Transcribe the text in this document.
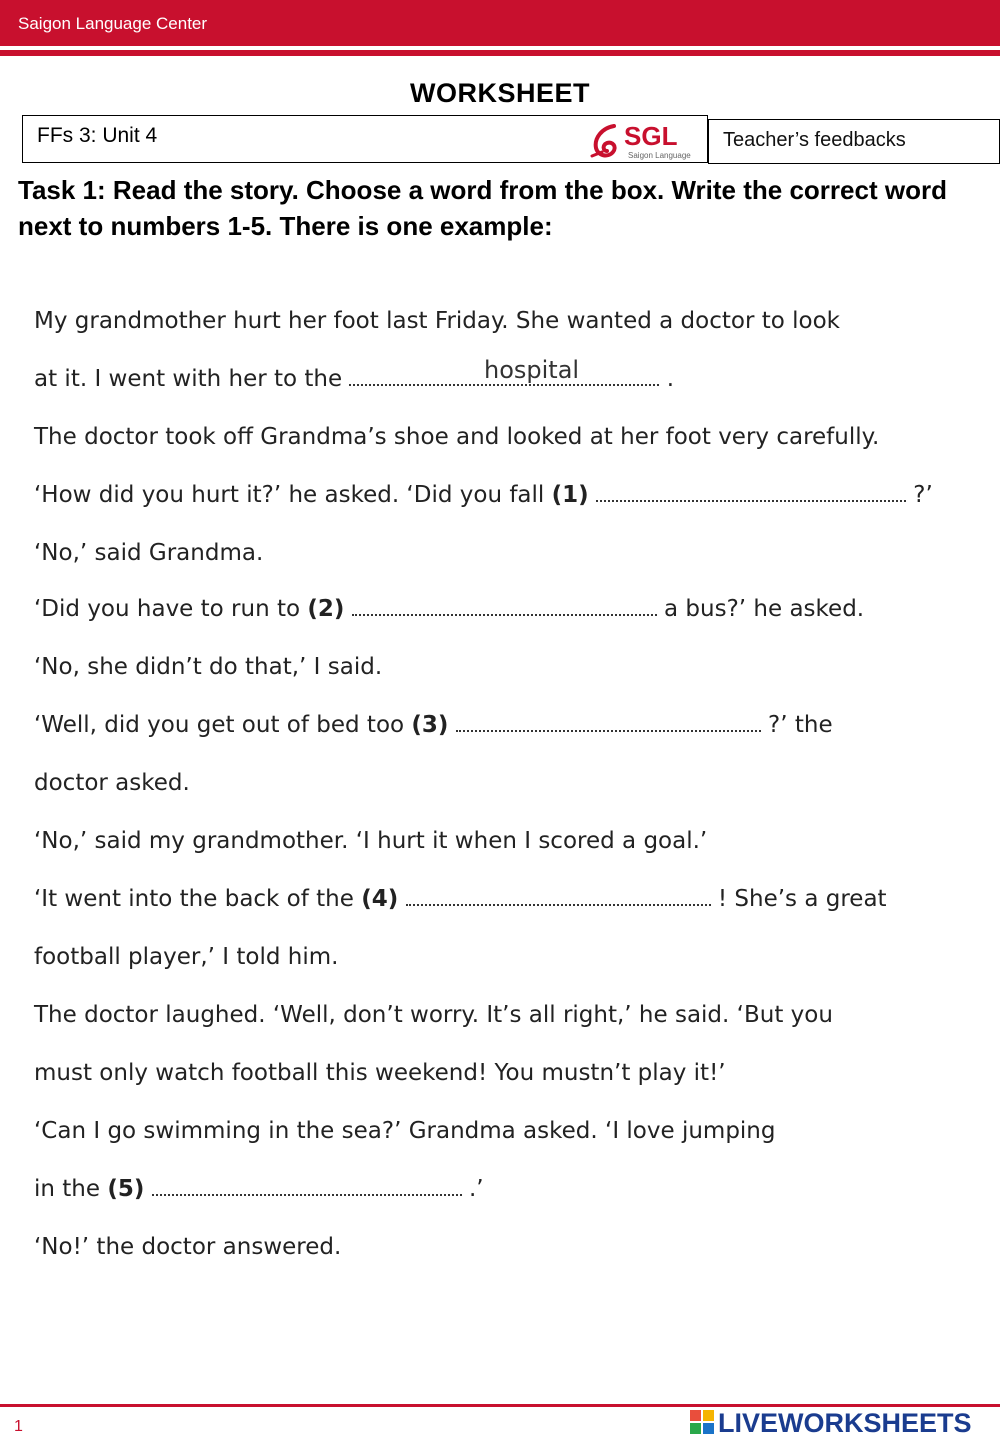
Saigon Language Center
WORKSHEET
FFs 3: Unit 4	SGL
Saigon Language
Teacher’s feedbacks
Task 1: Read the story. Choose a word from the box. Write the correct word next to numbers 1-5. There is one example:
My grandmother hurt her foot last Friday. She wanted a doctor to look
at it. I went with her to the	.
hospital
The doctor took off Grandma’s shoe and looked at her foot very carefully.
‘How did you hurt it?’ he asked. ‘Did you fall (1)	?’
‘No,’ said Grandma.
‘Did you have to run to (2)	a bus?’ he asked.
‘No, she didn’t do that,’ I said.
‘Well, did you get out of bed too (3)	?’ the
doctor asked.
‘No,’ said my grandmother. ‘I hurt it when I scored a goal.’
‘It went into the back of the (4)	! She’s a great
football player,’ I told him.
The doctor laughed. ‘Well, don’t worry. It’s all right,’ he said. ‘But you
must only watch football this weekend! You mustn’t play it!’
‘Can I go swimming in the sea?’ Grandma asked. ‘I love jumping
in the (5)	.’
‘No!’ the doctor answered.
1	LIVEWORKSHEETS
